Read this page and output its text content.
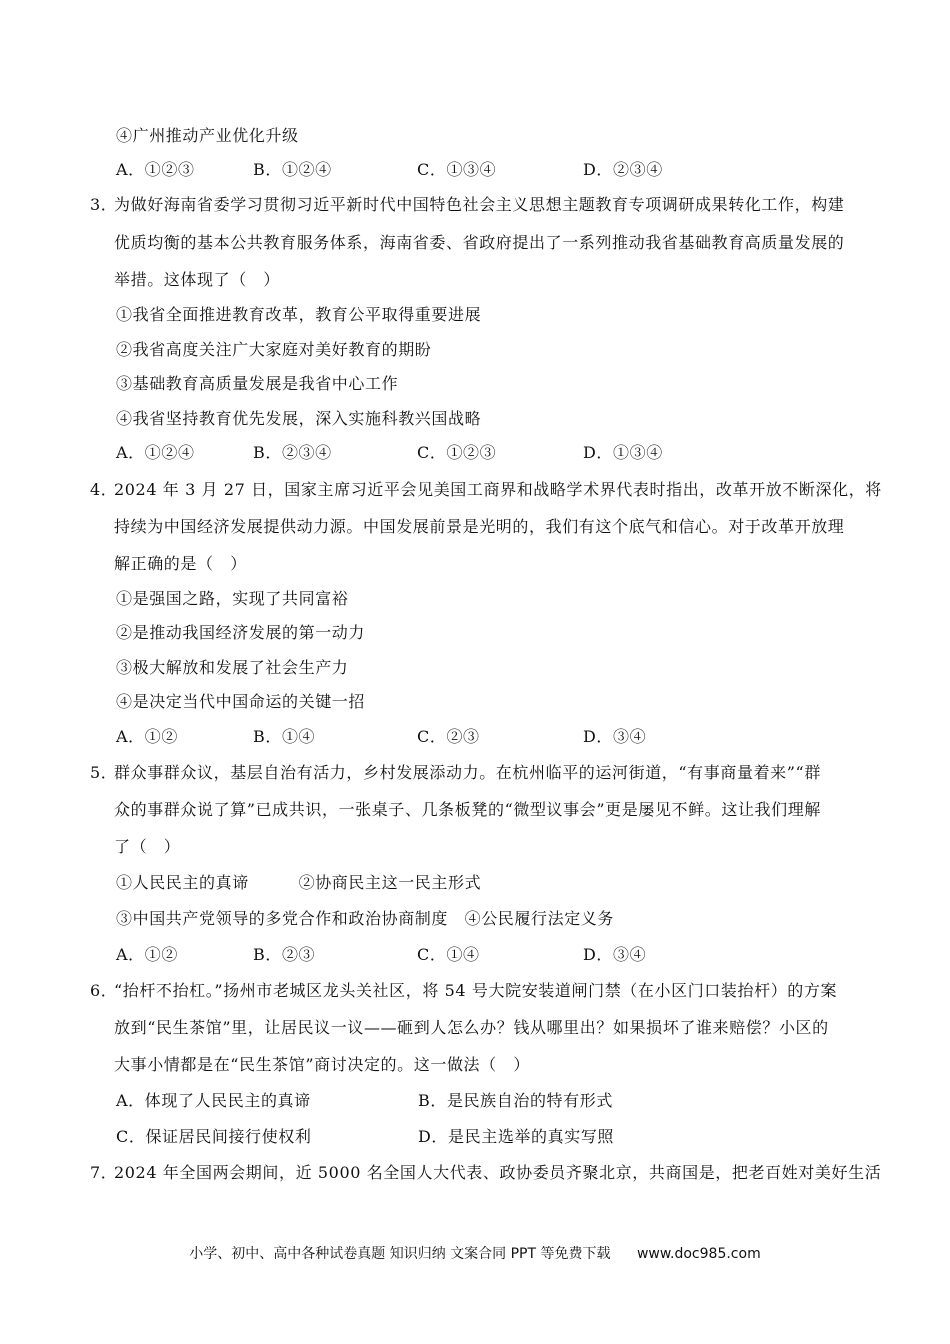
④广州推动产业优化升级
A．①②③	B．①②④	C．①③④	D．②③④
3．
为做好海南省委学习贯彻习近平新时代中国特色社会主义思想主题教育专项调研成果转化工作，构建
优质均衡的基本公共教育服务体系，海南省委、省政府提出了一系列推动我省基础教育高质量发展的
举措。这体现了（　）
①我省全面推进教育改革，教育公平取得重要进展
②我省高度关注广大家庭对美好教育的期盼
③基础教育高质量发展是我省中心工作
④我省坚持教育优先发展，深入实施科教兴国战略
A．①②④	B．②③④	C．①②③	D．①③④
4．
2024 年 3 月 27 日，国家主席习近平会见美国工商界和战略学术界代表时指出，改革开放不断深化，将
持续为中国经济发展提供动力源。中国发展前景是光明的，我们有这个底气和信心。对于改革开放理
解正确的是（　）
①是强国之路，实现了共同富裕
②是推动我国经济发展的第一动力
③极大解放和发展了社会生产力
④是决定当代中国命运的关键一招
A．①②	B．①④	C．②③	D．③④
5．
群众事群众议，基层自治有活力，乡村发展添动力。在杭州临平的运河街道，“有事商量着来”“群
众的事群众说了算”已成共识，一张桌子、几条板凳的“微型议事会”更是屡见不鲜。这让我们理解
了（　）
①人民民主的真谛　　　②协商民主这一民主形式
③中国共产党领导的多党合作和政治协商制度　④公民履行法定义务
A．①②	B．②③	C．①④	D．③④
6．
“抬杆不抬杠。”扬州市老城区龙头关社区，将 54 号大院安装道闸门禁（在小区门口装抬杆）的方案
放到“民生茶馆”里，让居民议一议——砸到人怎么办？钱从哪里出？如果损坏了谁来赔偿？小区的
大事小情都是在“民生茶馆”商讨决定的。这一做法（　）
A．体现了人民民主的真谛	B．是民族自治的特有形式
C．保证居民间接行使权利	D．是民主选举的真实写照
7．
2024 年全国两会期间，近 5000 名全国人大代表、政协委员齐聚北京，共商国是，把老百姓对美好生活
小学、初中、高中各种试卷真题 知识归纳 文案合同 PPT 等免费下载 www.doc985.com
